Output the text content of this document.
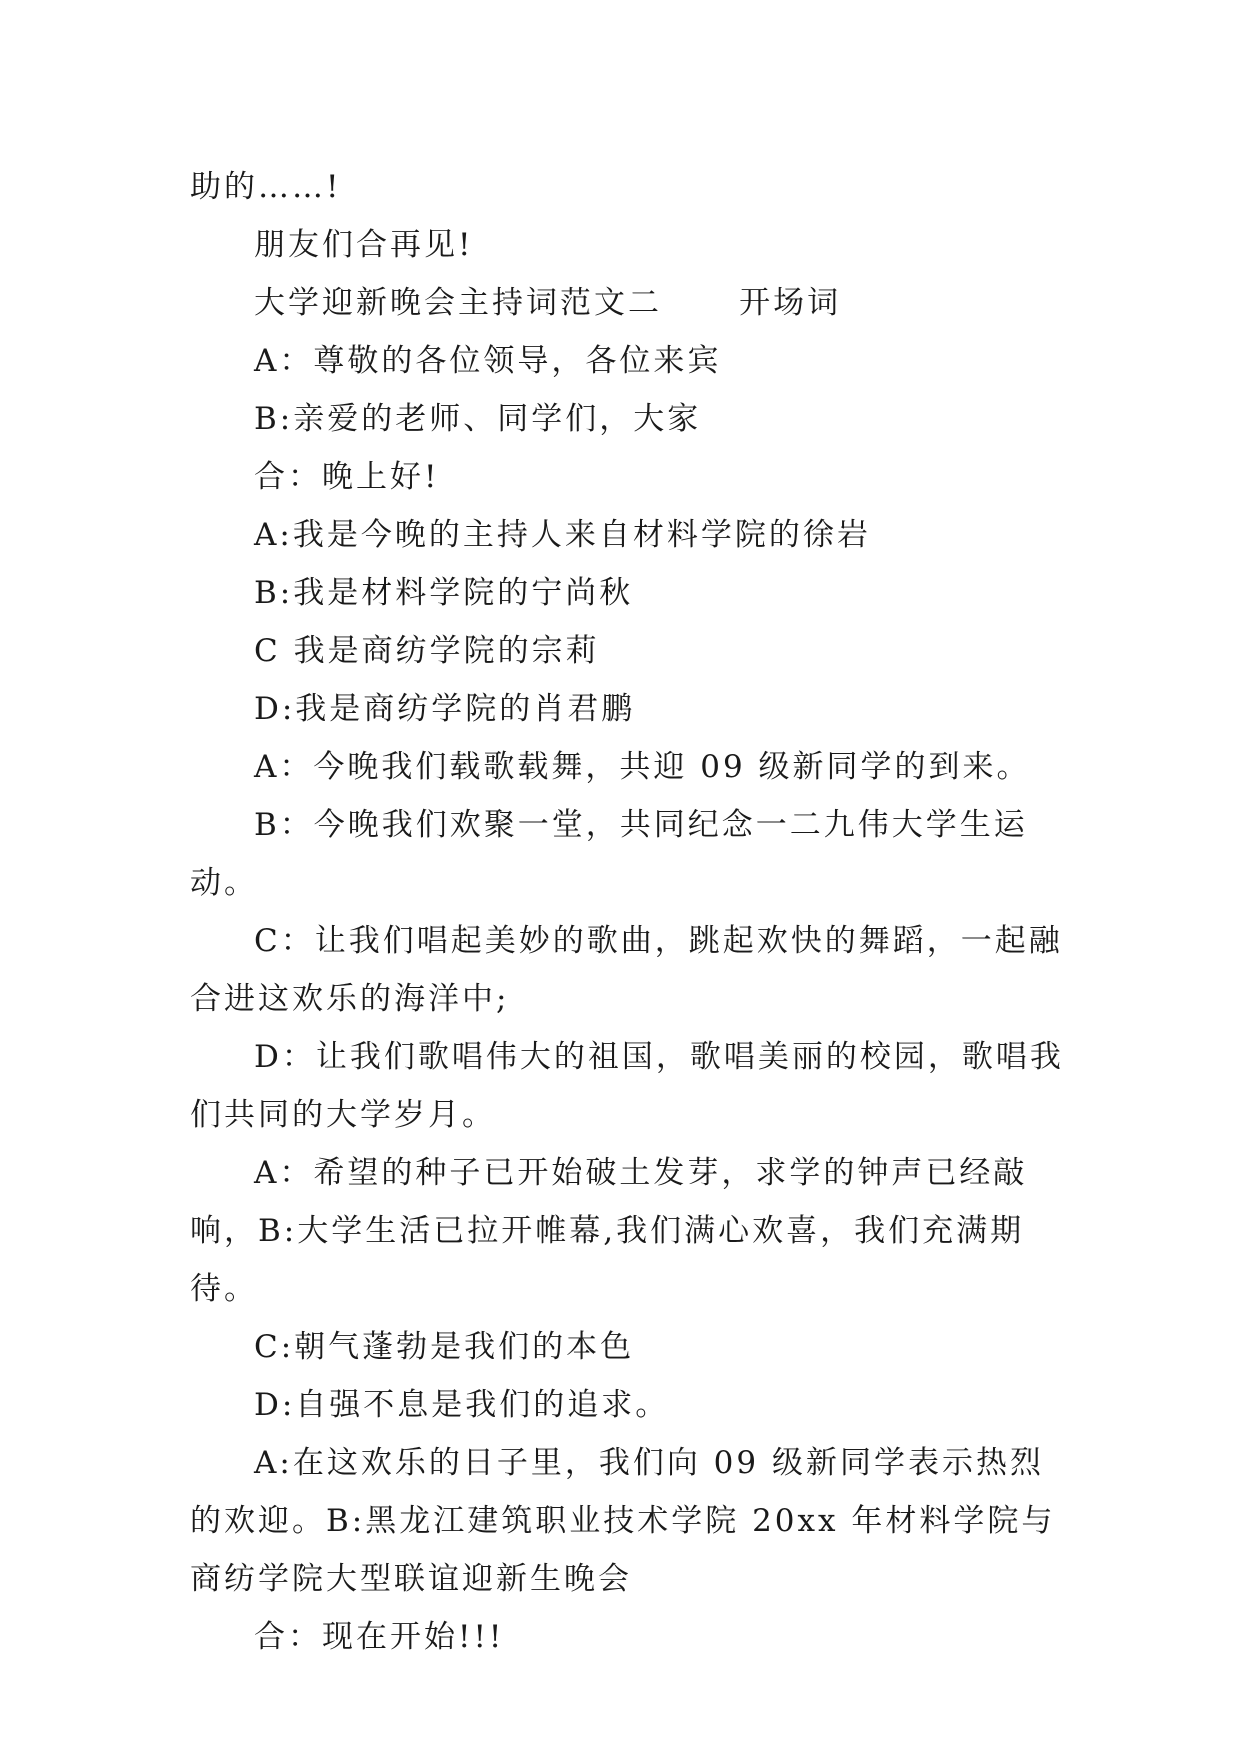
助的……!

朋友们合再见!

大学迎新晚会主持词范文二      开场词

A：尊敬的各位领导，各位来宾

B:亲爱的老师、同学们，大家

合：晚上好!

A:我是今晚的主持人来自材料学院的徐岩

B:我是材料学院的宁尚秋

C 我是商纺学院的宗莉

D:我是商纺学院的肖君鹏

A：今晚我们载歌载舞，共迎 09 级新同学的到来。

B：今晚我们欢聚一堂，共同纪念一二九伟大学生运动。

C：让我们唱起美妙的歌曲，跳起欢快的舞蹈，一起融合进这欢乐的海洋中;

D：让我们歌唱伟大的祖国，歌唱美丽的校园，歌唱我们共同的大学岁月。

A：希望的种子已开始破土发芽，求学的钟声已经敲响，B:大学生活已拉开帷幕,我们满心欢喜，我们充满期待。

C:朝气蓬勃是我们的本色

D:自强不息是我们的追求。

A:在这欢乐的日子里，我们向 09 级新同学表示热烈的欢迎。B:黑龙江建筑职业技术学院 20xx 年材料学院与商纺学院大型联谊迎新生晚会

合：现在开始!!!
